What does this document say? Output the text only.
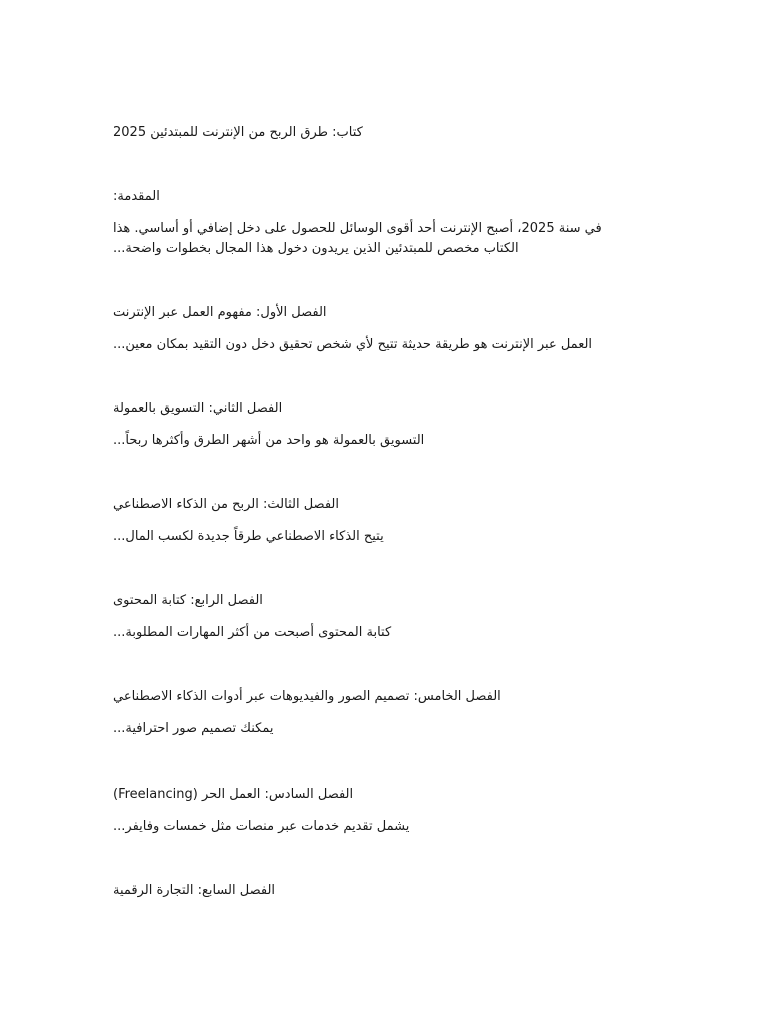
كتاب: طرق الربح من الإنترنت للمبتدئين 2025
المقدمة:
في سنة 2025، أصبح الإنترنت أحد أقوى الوسائل للحصول على دخل إضافي أو أساسي. هذا
الكتاب مخصص للمبتدئين الذين يريدون دخول هذا المجال بخطوات واضحة...
الفصل الأول: مفهوم العمل عبر الإنترنت
العمل عبر الإنترنت هو طريقة حديثة تتيح لأي شخص تحقيق دخل دون التقيد بمكان معين...
الفصل الثاني: التسويق بالعمولة
التسويق بالعمولة هو واحد من أشهر الطرق وأكثرها ربحاً...
الفصل الثالث: الربح من الذكاء الاصطناعي
يتيح الذكاء الاصطناعي طرقاً جديدة لكسب المال...
الفصل الرابع: كتابة المحتوى
كتابة المحتوى أصبحت من أكثر المهارات المطلوبة...
الفصل الخامس: تصميم الصور والفيديوهات عبر أدوات الذكاء الاصطناعي
يمكنك تصميم صور احترافية...
الفصل السادس: العمل الحر (Freelancing)
يشمل تقديم خدمات عبر منصات مثل خمسات وفايفر...
الفصل السابع: التجارة الرقمية
